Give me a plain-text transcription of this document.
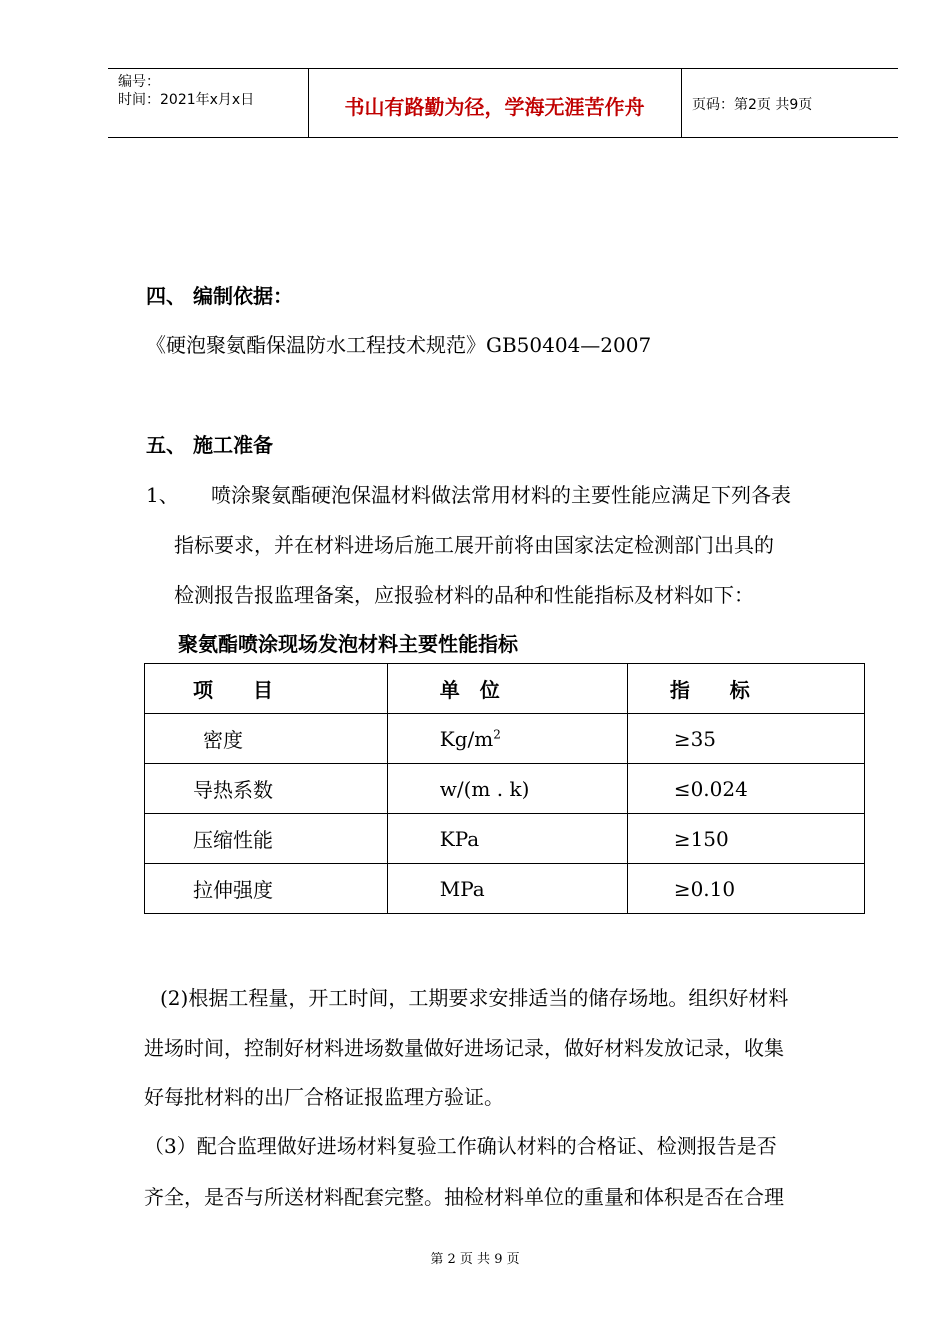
编号：
时间：2021年x月x日	书山有路勤为径，学海无涯苦作舟	页码：第2页 共9页
四、 编制依据：
《硬泡聚氨酯保温防水工程技术规范》GB50404—2007
五、 施工准备
1、 喷涂聚氨酯硬泡保温材料做法常用材料的主要性能应满足下列各表
指标要求，并在材料进场后施工展开前将由国家法定检测部门出具的
检测报告报监理备案，应报验材料的品种和性能指标及材料如下：
聚氨酯喷涂现场发泡材料主要性能指标
项　　目	单　位	指　　标
密度	$Kg/m^2$	≥35
导热系数	w/(m . k)	≤0.024
压缩性能	KPa	≥150
拉伸强度	MPa	≥0.10
(2)根据工程量，开工时间，工期要求安排适当的储存场地。组织好材料
进场时间，控制好材料进场数量做好进场记录，做好材料发放记录，收集
好每批材料的出厂合格证报监理方验证。
（3）配合监理做好进场材料复验工作确认材料的合格证、检测报告是否
齐全，是否与所送材料配套完整。抽检材料单位的重量和体积是否在合理
第 2 页 共 9 页
